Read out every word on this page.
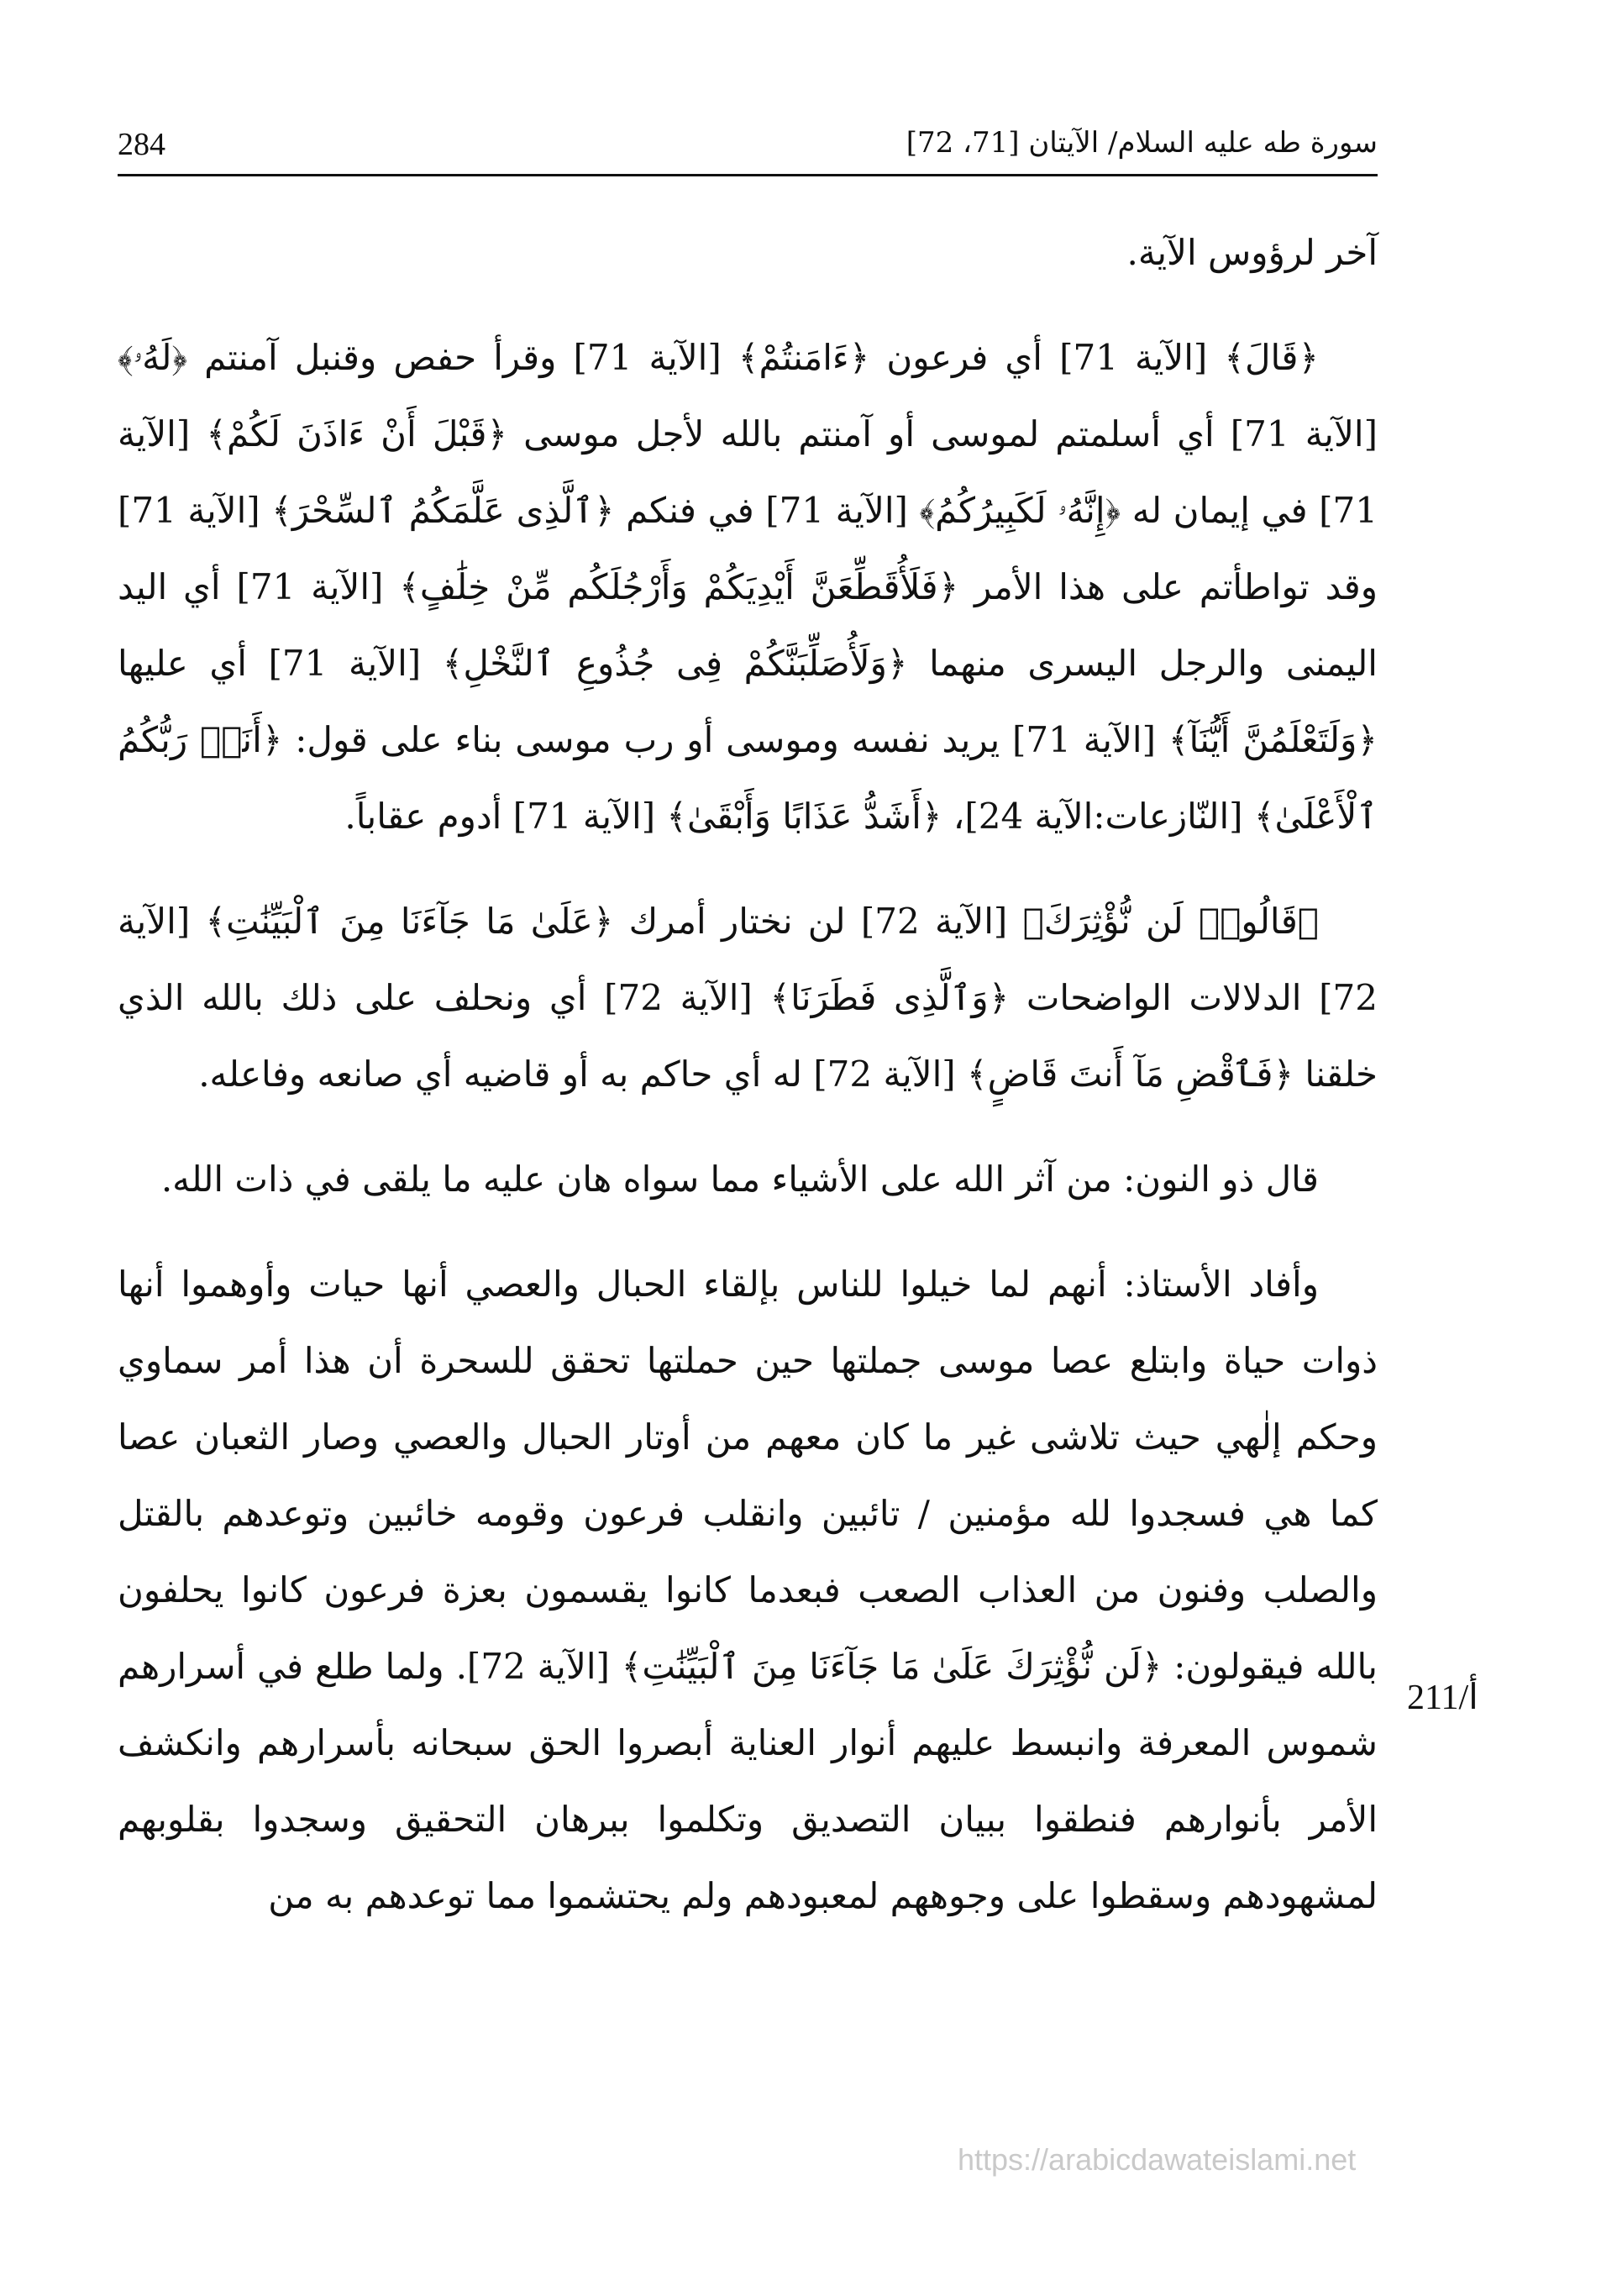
284	سورة طه عليه السلام/ الآيتان [71، 72]

آخر لرؤوس الآية.

﴿قَالَ﴾ [الآية 71] أي فرعون ﴿ءَامَنتُمْ﴾ [الآية 71] وقرأ حفص وقنبل آمنتم ﴿لَهُۥ﴾ [الآية 71] أي أسلمتم لموسى أو آمنتم بالله لأجل موسى ﴿قَبْلَ أَنْ ءَاذَنَ لَكُمْ﴾ [الآية 71] في إيمان له ﴿إِنَّهُۥ لَكَبِيرُكُمُ﴾ [الآية 71] في فنكم ﴿ٱلَّذِى عَلَّمَكُمُ ٱلسِّحْرَ﴾ [الآية 71] وقد تواطأتم على هذا الأمر ﴿فَلَأُقَطِّعَنَّ أَيْدِيَكُمْ وَأَرْجُلَكُم مِّنْ خِلَٰفٍ﴾ [الآية 71] أي اليد اليمنى والرجل اليسرى منهما ﴿وَلَأُصَلِّبَنَّكُمْ فِى جُذُوعِ ٱلنَّخْلِ﴾ [الآية 71] أي عليها ﴿وَلَتَعْلَمُنَّ أَيُّنَآ﴾ [الآية 71] يريد نفسه وموسى أو رب موسى بناء على قول: ﴿أَنَا۠ رَبُّكُمُ ٱلْأَعْلَىٰ﴾ [النّازعات:الآية 24]، ﴿أَشَدُّ عَذَابًا وَأَبْقَىٰ﴾ [الآية 71] أدوم عقاباً.

﴿قَالُوا۟ لَن نُّؤْثِرَكَ﴾ [الآية 72] لن نختار أمرك ﴿عَلَىٰ مَا جَآءَنَا مِنَ ٱلْبَيِّنَٰتِ﴾ [الآية 72] الدلالات الواضحات ﴿وَٱلَّذِى فَطَرَنَا﴾ [الآية 72] أي ونحلف على ذلك بالله الذي خلقنا ﴿فَٱقْضِ مَآ أَنتَ قَاضٍ﴾ [الآية 72] له أي حاكم به أو قاضيه أي صانعه وفاعله.

قال ذو النون: من آثر الله على الأشياء مما سواه هان عليه ما يلقى في ذات الله.

وأفاد الأستاذ: أنهم لما خيلوا للناس بإلقاء الحبال والعصي أنها حيات وأوهموا أنها ذوات حياة وابتلع عصا موسى جملتها حين حملتها تحقق للسحرة أن هذا أمر سماوي وحكم إلٰهي حيث تلاشى غير ما كان معهم من أوتار الحبال والعصي وصار الثعبان عصا كما هي فسجدوا لله مؤمنين / تائبين وانقلب فرعون وقومه خائبين وتوعدهم بالقتل والصلب وفنون من العذاب الصعب فبعدما كانوا يقسمون بعزة فرعون كانوا يحلفون بالله فيقولون: ﴿لَن نُّؤْثِرَكَ عَلَىٰ مَا جَآءَنَا مِنَ ٱلْبَيِّنَٰتِ﴾ [الآية 72]. ولما طلع في أسرارهم شموس المعرفة وانبسط عليهم أنوار العناية أبصروا الحق سبحانه بأسرارهم وانكشف الأمر بأنوارهم فنطقوا ببيان التصديق وتكلموا ببرهان التحقيق وسجدوا بقلوبهم لمشهودهم وسقطوا على وجوههم لمعبودهم ولم يحتشموا مما توعدهم به من

211/أ
https://arabicdawateislami.net
